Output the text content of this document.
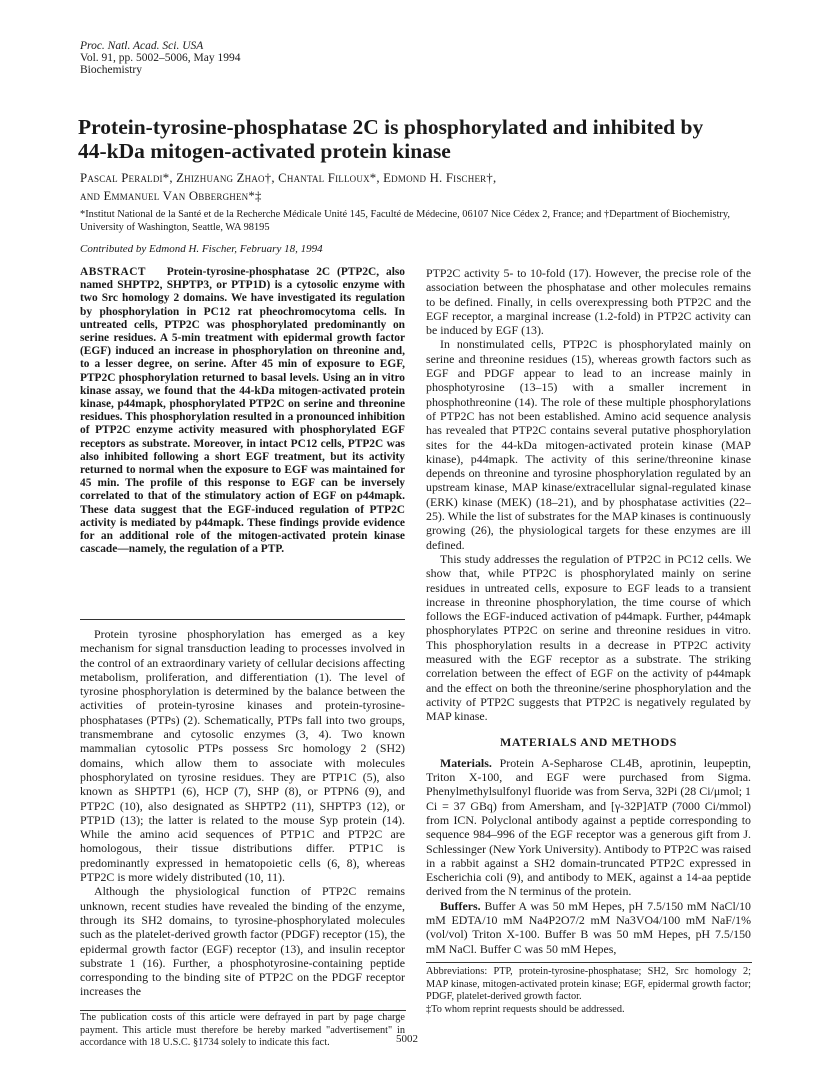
Proc. Natl. Acad. Sci. USA
Vol. 91, pp. 5002–5006, May 1994
Biochemistry
Protein-tyrosine-phosphatase 2C is phosphorylated and inhibited by
44-kDa mitogen-activated protein kinase
Pascal Peraldi*, Zhizhuang Zhao†, Chantal Filloux*, Edmond H. Fischer†,
and Emmanuel Van Obberghen*‡
*Institut National de la Santé et de la Recherche Médicale Unité 145, Faculté de Médecine, 06107 Nice Cédex 2, France; and †Department of Biochemistry, University of Washington, Seattle, WA 98195
Contributed by Edmond H. Fischer, February 18, 1994
ABSTRACT Protein-tyrosine-phosphatase 2C (PTP2C, also named SHPTP2, SHPTP3, or PTP1D) is a cytosolic enzyme with two Src homology 2 domains. We have investigated its regulation by phosphorylation in PC12 rat pheochromocytoma cells. In untreated cells, PTP2C was phosphorylated predominantly on serine residues. A 5-min treatment with epidermal growth factor (EGF) induced an increase in phosphorylation on threonine and, to a lesser degree, on serine. After 45 min of exposure to EGF, PTP2C phosphorylation returned to basal levels. Using an in vitro kinase assay, we found that the 44-kDa mitogen-activated protein kinase, p44mapk, phosphorylated PTP2C on serine and threonine residues. This phosphorylation resulted in a pronounced inhibition of PTP2C enzyme activity measured with phosphorylated EGF receptors as substrate. Moreover, in intact PC12 cells, PTP2C was also inhibited following a short EGF treatment, but its activity returned to normal when the exposure to EGF was maintained for 45 min. The profile of this response to EGF can be inversely correlated to that of the stimulatory action of EGF on p44mapk. These data suggest that the EGF-induced regulation of PTP2C activity is mediated by p44mapk. These findings provide evidence for an additional role of the mitogen-activated protein kinase cascade—namely, the regulation of a PTP.

Protein tyrosine phosphorylation has emerged as a key mechanism for signal transduction leading to processes involved in the control of an extraordinary variety of cellular decisions affecting metabolism, proliferation, and differentiation (1). The level of tyrosine phosphorylation is determined by the balance between the activities of protein-tyrosine kinases and protein-tyrosine-phosphatases (PTPs) (2). Schematically, PTPs fall into two groups, transmembrane and cytosolic enzymes (3, 4). Two known mammalian cytosolic PTPs possess Src homology 2 (SH2) domains, which allow them to associate with molecules phosphorylated on tyrosine residues. They are PTP1C (5), also known as SHPTP1 (6), HCP (7), SHP (8), or PTPN6 (9), and PTP2C (10), also designated as SHPTP2 (11), SHPTP3 (12), or PTP1D (13); the latter is related to the mouse Syp protein (14). While the amino acid sequences of PTP1C and PTP2C are homologous, their tissue distributions differ. PTP1C is predominantly expressed in hematopoietic cells (6, 8), whereas PTP2C is more widely distributed (10, 11).

Although the physiological function of PTP2C remains unknown, recent studies have revealed the binding of the enzyme, through its SH2 domains, to tyrosine-phosphorylated molecules such as the platelet-derived growth factor (PDGF) receptor (15), the epidermal growth factor (EGF) receptor (13), and insulin receptor substrate 1 (16). Further, a phosphotyrosine-containing peptide corresponding to the binding site of PTP2C on the PDGF receptor increases the

The publication costs of this article were defrayed in part by page charge payment. This article must therefore be hereby marked "advertisement" in accordance with 18 U.S.C. §1734 solely to indicate this fact.

PTP2C activity 5- to 10-fold (17). However, the precise role of the association between the phosphatase and other molecules remains to be defined. Finally, in cells overexpressing both PTP2C and the EGF receptor, a marginal increase (1.2-fold) in PTP2C activity can be induced by EGF (13).

In nonstimulated cells, PTP2C is phosphorylated mainly on serine and threonine residues (15), whereas growth factors such as EGF and PDGF appear to lead to an increase mainly in phosphotyrosine (13–15) with a smaller increment in phosphothreonine (14). The role of these multiple phosphorylations of PTP2C has not been established. Amino acid sequence analysis has revealed that PTP2C contains several putative phosphorylation sites for the 44-kDa mitogen-activated protein kinase (MAP kinase), p44mapk. The activity of this serine/threonine kinase depends on threonine and tyrosine phosphorylation regulated by an upstream kinase, MAP kinase/extracellular signal-regulated kinase (ERK) kinase (MEK) (18–21), and by phosphatase activities (22–25). While the list of substrates for the MAP kinases is continuously growing (26), the physiological targets for these enzymes are ill defined.

This study addresses the regulation of PTP2C in PC12 cells. We show that, while PTP2C is phosphorylated mainly on serine residues in untreated cells, exposure to EGF leads to a transient increase in threonine phosphorylation, the time course of which follows the EGF-induced activation of p44mapk. Further, p44mapk phosphorylates PTP2C on serine and threonine residues in vitro. This phosphorylation results in a decrease in PTP2C activity measured with the EGF receptor as a substrate. The striking correlation between the effect of EGF on the activity of p44mapk and the effect on both the threonine/serine phosphorylation and the activity of PTP2C suggests that PTP2C is negatively regulated by MAP kinase.

MATERIALS AND METHODS

Materials. Protein A-Sepharose CL4B, aprotinin, leupeptin, Triton X-100, and EGF were purchased from Sigma. Phenylmethylsulfonyl fluoride was from Serva, 32Pi (28 Ci/μmol; 1 Ci = 37 GBq) from Amersham, and [γ-32P]ATP (7000 Ci/mmol) from ICN. Polyclonal antibody against a peptide corresponding to sequence 984–996 of the EGF receptor was a generous gift from J. Schlessinger (New York University). Antibody to PTP2C was raised in a rabbit against a SH2 domain-truncated PTP2C expressed in Escherichia coli (9), and antibody to MEK, against a 14-aa peptide derived from the N terminus of the protein.

Buffers. Buffer A was 50 mM Hepes, pH 7.5/150 mM NaCl/10 mM EDTA/10 mM Na4P2O7/2 mM Na3VO4/100 mM NaF/1% (vol/vol) Triton X-100. Buffer B was 50 mM Hepes, pH 7.5/150 mM NaCl. Buffer C was 50 mM Hepes,

Abbreviations: PTP, protein-tyrosine-phosphatase; SH2, Src homology 2; MAP kinase, mitogen-activated protein kinase; EGF, epidermal growth factor; PDGF, platelet-derived growth factor.
‡To whom reprint requests should be addressed.
5002
